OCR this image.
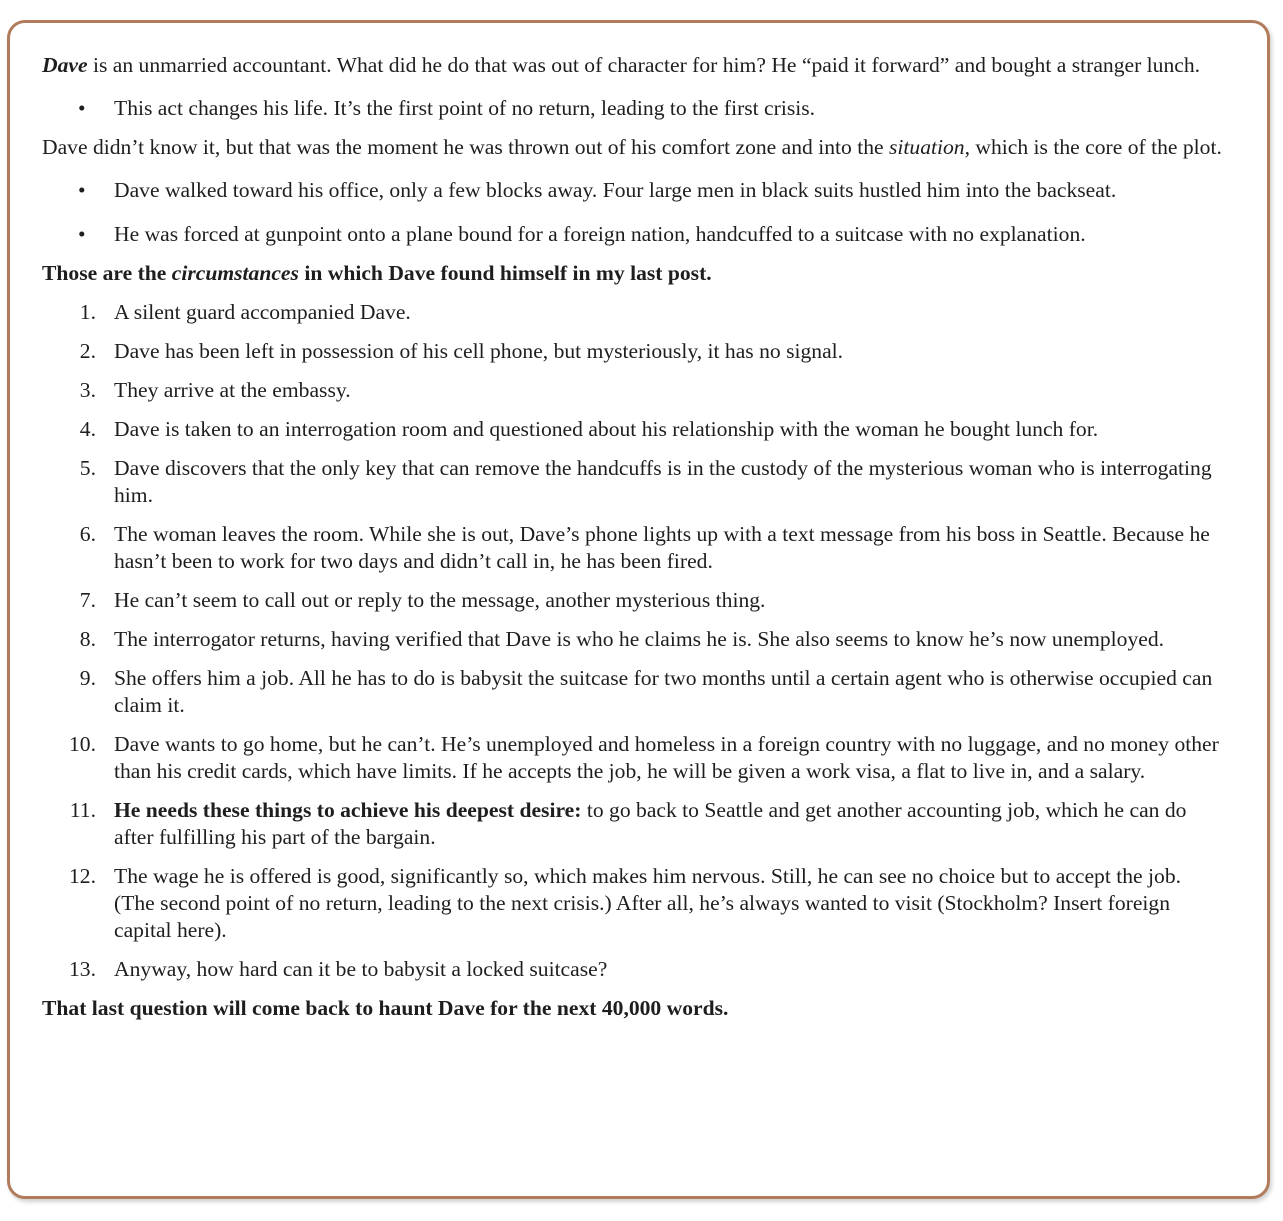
Dave is an unmarried accountant. What did he do that was out of character for him? He “paid it forward” and bought a stranger lunch.

• This act changes his life. It’s the first point of no return, leading to the first crisis.

Dave didn’t know it, but that was the moment he was thrown out of his comfort zone and into the situation, which is the core of the plot.

• Dave walked toward his office, only a few blocks away. Four large men in black suits hustled him into the backseat.
• He was forced at gunpoint onto a plane bound for a foreign nation, handcuffed to a suitcase with no explanation.

Those are the circumstances in which Dave found himself in my last post.

1. A silent guard accompanied Dave.
2. Dave has been left in possession of his cell phone, but mysteriously, it has no signal.
3. They arrive at the embassy.
4. Dave is taken to an interrogation room and questioned about his relationship with the woman he bought lunch for.
5. Dave discovers that the only key that can remove the handcuffs is in the custody of the mysterious woman who is interrogating him.
6. The woman leaves the room. While she is out, Dave’s phone lights up with a text message from his boss in Seattle. Because he hasn’t been to work for two days and didn’t call in, he has been fired.
7. He can’t seem to call out or reply to the message, another mysterious thing.
8. The interrogator returns, having verified that Dave is who he claims he is. She also seems to know he’s now unemployed.
9. She offers him a job. All he has to do is babysit the suitcase for two months until a certain agent who is otherwise occupied can claim it.
10. Dave wants to go home, but he can’t. He’s unemployed and homeless in a foreign country with no luggage, and no money other than his credit cards, which have limits. If he accepts the job, he will be given a work visa, a flat to live in, and a salary.
11. He needs these things to achieve his deepest desire: to go back to Seattle and get another accounting job, which he can do after fulfilling his part of the bargain.
12. The wage he is offered is good, significantly so, which makes him nervous. Still, he can see no choice but to accept the job. (The second point of no return, leading to the next crisis.) After all, he’s always wanted to visit (Stockholm? Insert foreign capital here).
13. Anyway, how hard can it be to babysit a locked suitcase?

That last question will come back to haunt Dave for the next 40,000 words.
